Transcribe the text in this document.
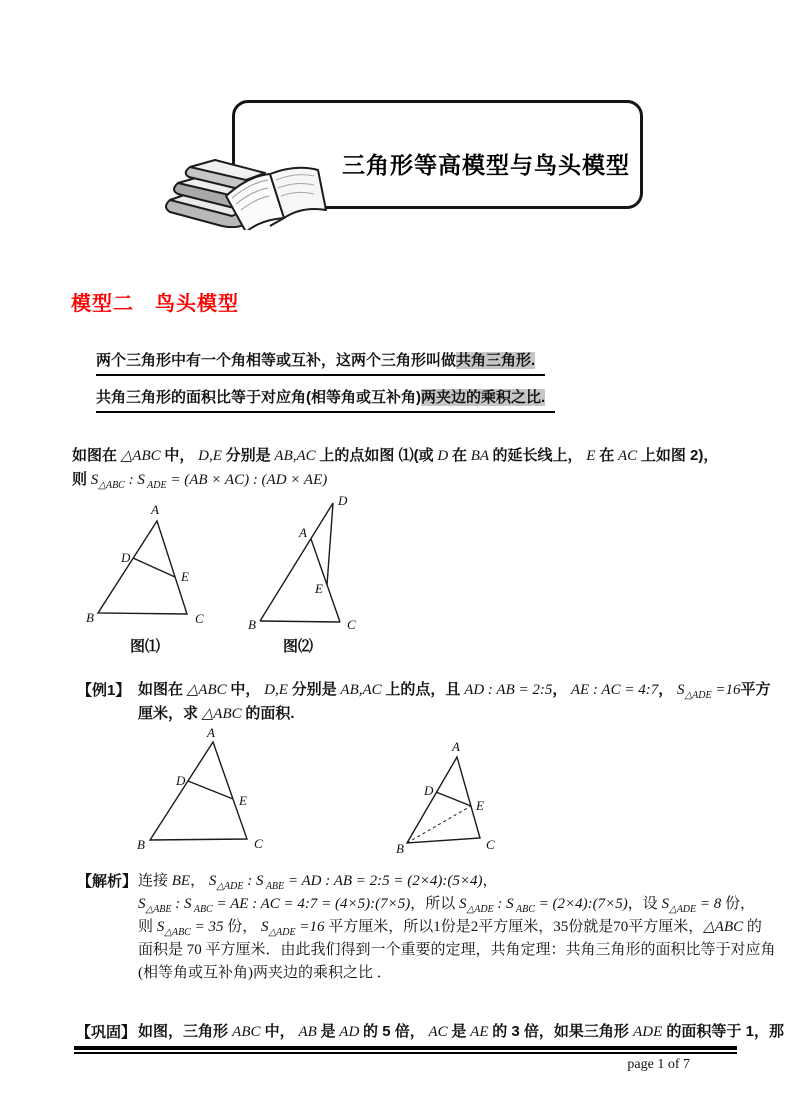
三角形等高模型与鸟头模型
模型二　鸟头模型
两个三角形中有一个角相等或互补，这两个三角形叫做共角三角形.
共角三角形的面积比等于对应角(相等角或互补角)两夹边的乘积之比.
如图在 △ABC 中， D,E 分别是 AB,AC 上的点如图 ⑴(或 D 在 BA 的延长线上， E 在 AC 上如图 2)，
则 $S_{\triangle ABC}$ : S $_{ADE}$ = (AB × AC) : (AD × AE)
A
B	C
D
E
D
A
E
B	C
图⑴	图⑵
【例1】 如图在 △ABC 中， D,E 分别是 AB,AC 上的点，且 AD : AB = 2:5， AE : AC = 4:7， $S_{\triangle ADE} =16$平方
厘米，求 △ABC 的面积.
A
B	C
D
E
A
B	C
D
E
【解析】 连接 BE， $S_{\triangle ADE}$ : S $_{ABE}$ = AD : AB = 2:5 = (2×4):(5×4)，
$S_{\triangle ABE}$ : S $_{ABC}$ = AE : AC = 4:7 = (4×5):(7×5)，所以 $S_{\triangle ADE}$ : S $_{ABC}$ = (2×4):(7×5)，设 $S_{\triangle ADE} = 8$ 份，
则 $S_{\triangle ABC} = 35$ 份， $S_{\triangle ADE} =16$ 平方厘米，所以1份是2平方厘米，35份就是70平方厘米，△ABC 的
面积是 70 平方厘米．由此我们得到一个重要的定理，共角定理：共角三角形的面积比等于对应角
(相等角或互补角)两夹边的乘积之比 ．
【巩固】 如图，三角形 ABC 中， AB 是 AD 的 5 倍， AC 是 AE 的 3 倍，如果三角形 ADE 的面积等于 1，那
page 1 of 7
